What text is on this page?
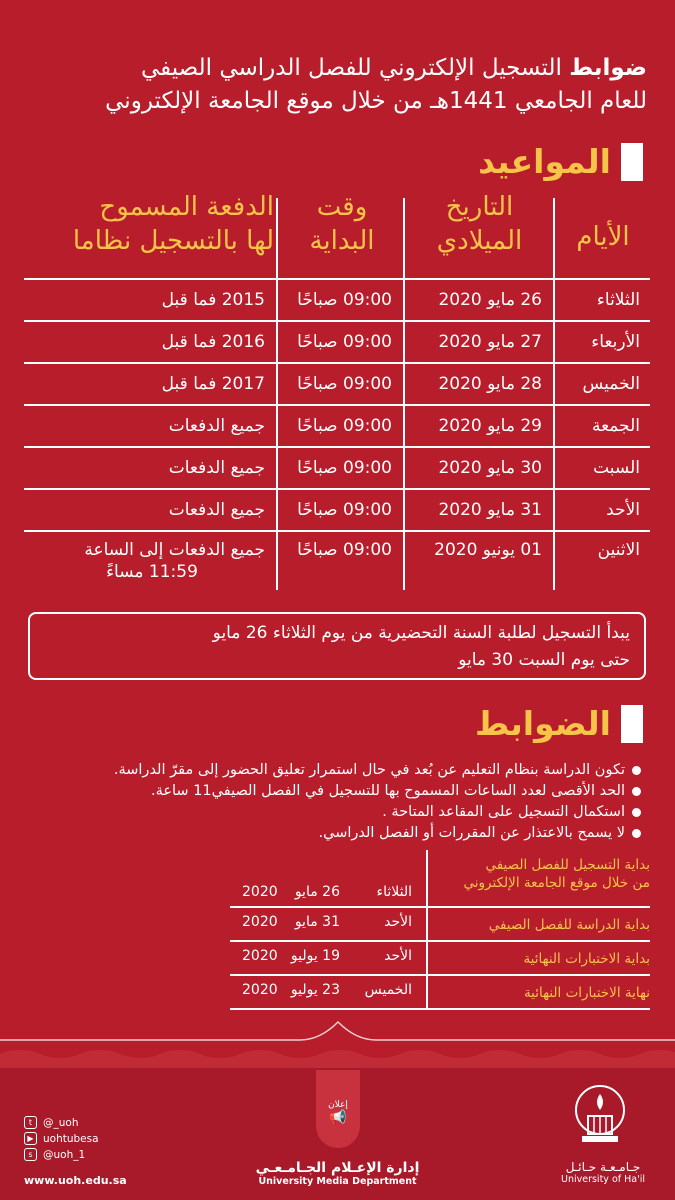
ضوابط التسجيل الإلكتروني للفصل الدراسي الصيفي
للعام الجامعي 1441هـ من خلال موقع الجامعة الإلكتروني
المواعيد
الأيام
التاريخ
الميلادي
وقت
البداية
الدفعة المسموح
لها بالتسجيل نظاما
الثلاثاء
26 مايو 2020
09:00 صباحًا
2015 فما قبل
الأربعاء
27 مايو 2020
09:00 صباحًا
2016 فما قبل
الخميس
28 مايو 2020
09:00 صباحًا
2017 فما قبل
الجمعة
29 مايو 2020
09:00 صباحًا
جميع الدفعات
السبت
30 مايو 2020
09:00 صباحًا
جميع الدفعات
الأحد
31 مايو 2020
09:00 صباحًا
جميع الدفعات
الاثنين
01 يونيو 2020
09:00 صباحًا
جميع الدفعات إلى الساعة
11:59 مساءً
يبدأ التسجيل لطلبة السنة التحضيرية من يوم الثلاثاء 26 مايو
حتى يوم السبت 30 مايو
الضوابط
تكون الدراسة بنظام التعليم عن بُعد في حال استمرار تعليق الحضور إلى مقرّ الدراسة.
الحد الأقصى لعدد الساعات المسموح بها للتسجيل في الفصل الصيفي11 ساعة.
استكمال التسجيل على المقاعد المتاحة .
لا يسمح بالاعتذار عن المقررات أو الفصل الدراسي.
بداية التسجيل للفصل الصيفي
من خلال موقع الجامعة الإلكتروني
الثلاثاء
26 مايو
2020
بداية الدراسة للفصل الصيفي
الأحد
31 مايو
2020
بداية الاختبارات النهائية
الأحد
19 يوليو
2020
نهاية الاختبارات النهائية
الخميس
23 يوليو
2020
إعلان
📢
t	@_uoh
▶ uohtubesa
s @uoh_1
www.uoh.edu.sa
إدارة الإعـلام الجـامـعـي
University Media Department
جـامـعـة حـائـل
University of Ha'il
